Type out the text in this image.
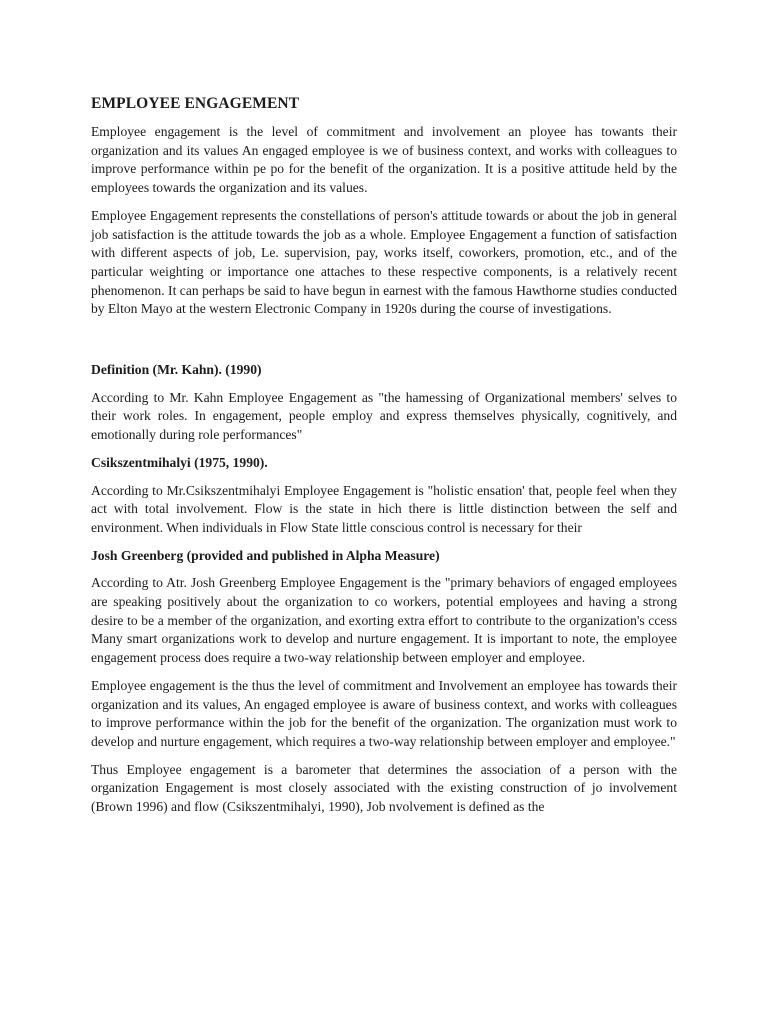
EMPLOYEE ENGAGEMENT

Employee engagement is the level of commitment and involvement an ployee has towants their organization and its values An engaged employee is we of business context, and works with colleagues to improve performance within pe po for the benefit of the organization. It is a positive attitude held by the employees towards the organization and its values.

Employee Engagement represents the constellations of person's attitude towards or about the job in general job satisfaction is the attitude towards the job as a whole. Employee Engagement a function of satisfaction with different aspects of job, Le. supervision, pay, works itself, coworkers, promotion, etc., and of the particular weighting or importance one attaches to these respective components, is a relatively recent phenomenon. It can perhaps be said to have begun in earnest with the famous Hawthorne studies conducted by Elton Mayo at the western Electronic Company in 1920s during the course of investigations.

Definition (Mr. Kahn). (1990)

According to Mr. Kahn Employee Engagement as "the hamessing of Organizational members' selves to their work roles. In engagement, people employ and express themselves physically, cognitively, and emotionally during role performances"

Csikszentmihalyi (1975, 1990).

According to Mr.Csikszentmihalyi Employee Engagement is "holistic ensation' that, people feel when they act with total involvement. Flow is the state in hich there is little distinction between the self and environment. When individuals in Flow State little conscious control is necessary for their

Josh Greenberg (provided and published in Alpha Measure)

According to Atr. Josh Greenberg Employee Engagement is the "primary behaviors of engaged employees are speaking positively about the organization to co workers, potential employees and having a strong desire to be a member of the organization, and exorting extra effort to contribute to the organization's ccess Many smart organizations work to develop and nurture engagement. It is important to note, the employee engagement process does require a two-way relationship between employer and employee.

Employee engagement is the thus the level of commitment and Involvement an employee has towards their organization and its values, An engaged employee is aware of business context, and works with colleagues to improve performance within the job for the benefit of the organization. The organization must work to develop and nurture engagement, which requires a two-way relationship between employer and employee."

Thus Employee engagement is a barometer that determines the association of a person with the organization Engagement is most closely associated with the existing construction of jo involvement (Brown 1996) and flow (Csikszentmihalyi, 1990), Job nvolvement is defined as the
